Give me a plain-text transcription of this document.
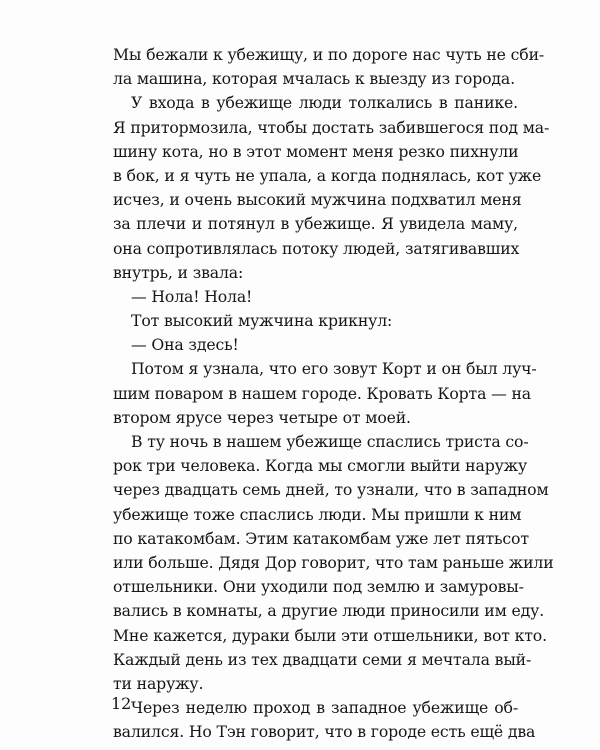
Мы бежали к убежищу, и по дороге нас чуть не сби-
ла машина, которая мчалась к выезду из города.
У входа в убежище люди толкались в панике.
Я притормозила, чтобы достать забившегося под ма-
шину кота, но в этот момент меня резко пихнули
в бок, и я чуть не упала, а когда поднялась, кот уже
исчез, и очень высокий мужчина подхватил меня
за плечи и потянул в убежище. Я увидела маму,
она сопротивлялась потоку людей, затягивавших
внутрь, и звала:
— Нола! Нола!
Тот высокий мужчина крикнул:
— Она здесь!
Потом я узнала, что его зовут Корт и он был луч-
шим поваром в нашем городе. Кровать Корта — на
втором ярусе через четыре от моей.
В ту ночь в нашем убежище спаслись триста со-
рок три человека. Когда мы смогли выйти наружу
через двадцать семь дней, то узнали, что в западном
убежище тоже спаслись люди. Мы пришли к ним
по катакомбам. Этим катакомбам уже лет пятьсот
или больше. Дядя Дор говорит, что там раньше жили
отшельники. Они уходили под землю и замуровы-
вались в комнаты, а другие люди приносили им еду.
Мне кажется, дураки были эти отшельники, вот кто.
Каждый день из тех двадцати семи я мечтала вый-
ти наружу.
Через неделю проход в западное убежище об-
валился. Но Тэн говорит, что в городе есть ещё два
12
